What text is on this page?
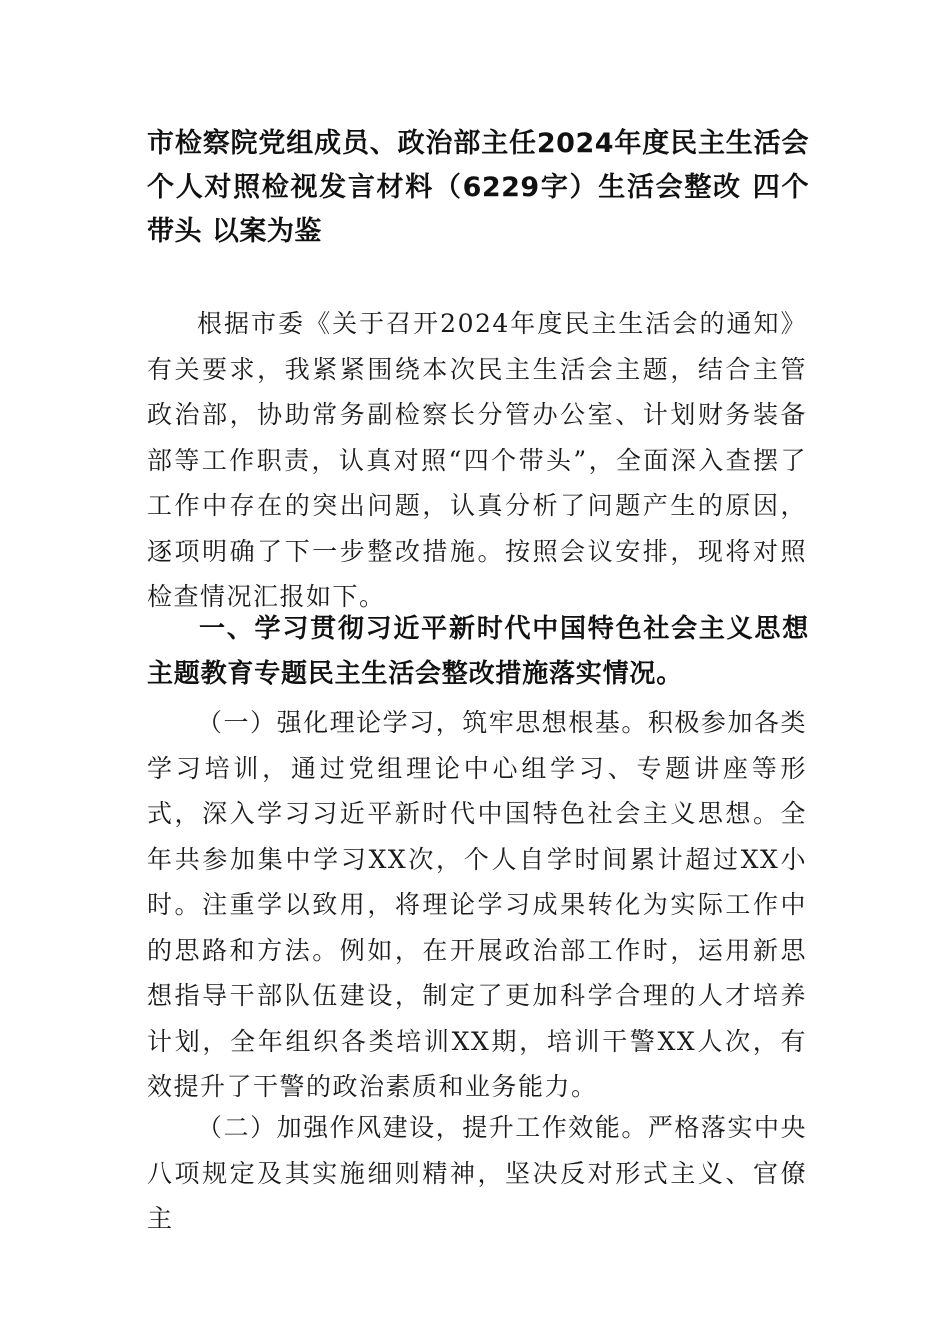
市检察院党组成员、政治部主任2024年度民主生活会个人对照检视发言材料（6229字）生活会整改 四个带头 以案为鉴

根据市委《关于召开2024年度民主生活会的通知》有关要求，我紧紧围绕本次民主生活会主题，结合主管政治部，协助常务副检察长分管办公室、计划财务装备部等工作职责，认真对照“四个带头”，全面深入查摆了工作中存在的突出问题，认真分析了问题产生的原因，逐项明确了下一步整改措施。按照会议安排，现将对照检查情况汇报如下。

一、学习贯彻习近平新时代中国特色社会主义思想主题教育专题民主生活会整改措施落实情况。

（一）强化理论学习，筑牢思想根基。积极参加各类学习培训，通过党组理论中心组学习、专题讲座等形式，深入学习习近平新时代中国特色社会主义思想。全年共参加集中学习XX次，个人自学时间累计超过XX小时。注重学以致用，将理论学习成果转化为实际工作中的思路和方法。例如，在开展政治部工作时，运用新思想指导干部队伍建设，制定了更加科学合理的人才培养计划，全年组织各类培训XX期，培训干警XX人次，有效提升了干警的政治素质和业务能力。

（二）加强作风建设，提升工作效能。严格落实中央八项规定及其实施细则精神，坚决反对形式主义、官僚主
